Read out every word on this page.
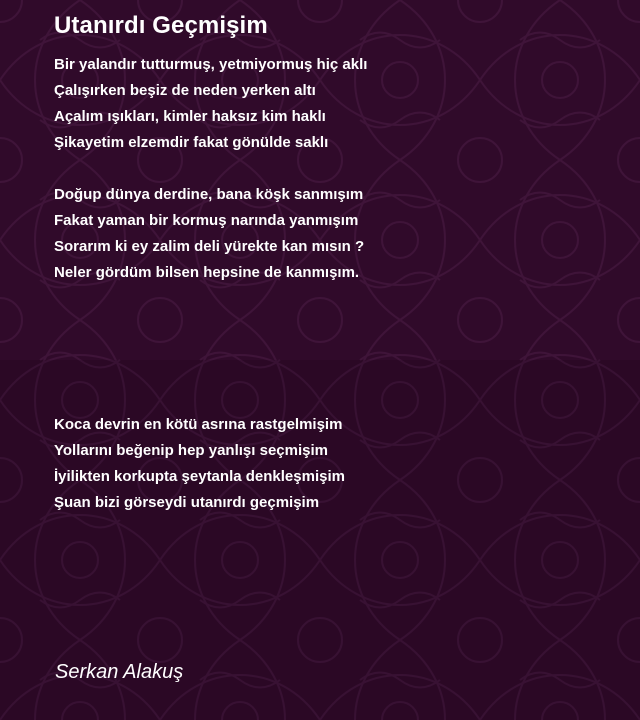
Utanırdı Geçmişim

Bir yalandır tutturmuş, yetmiyormuş hiç aklı

Çalışırken beşiz de neden yerken altı

Açalım ışıkları, kimler haksız kim haklı

Şikayetim elzemdir fakat gönülde saklı

Doğup dünya derdine, bana köşk sanmışım

Fakat yaman bir kormuş narında yanmışım

Sorarım ki ey zalim deli yürekte kan mısın ?

Neler gördüm bilsen hepsine de kanmışım.

Koca devrin en kötü asrına rastgelmişim

Yollarını beğenip hep yanlışı seçmişim

İyilikten korkupta şeytanla denkleşmişim

Şuan bizi görseydi utanırdı geçmişim

Serkan Alakuş
